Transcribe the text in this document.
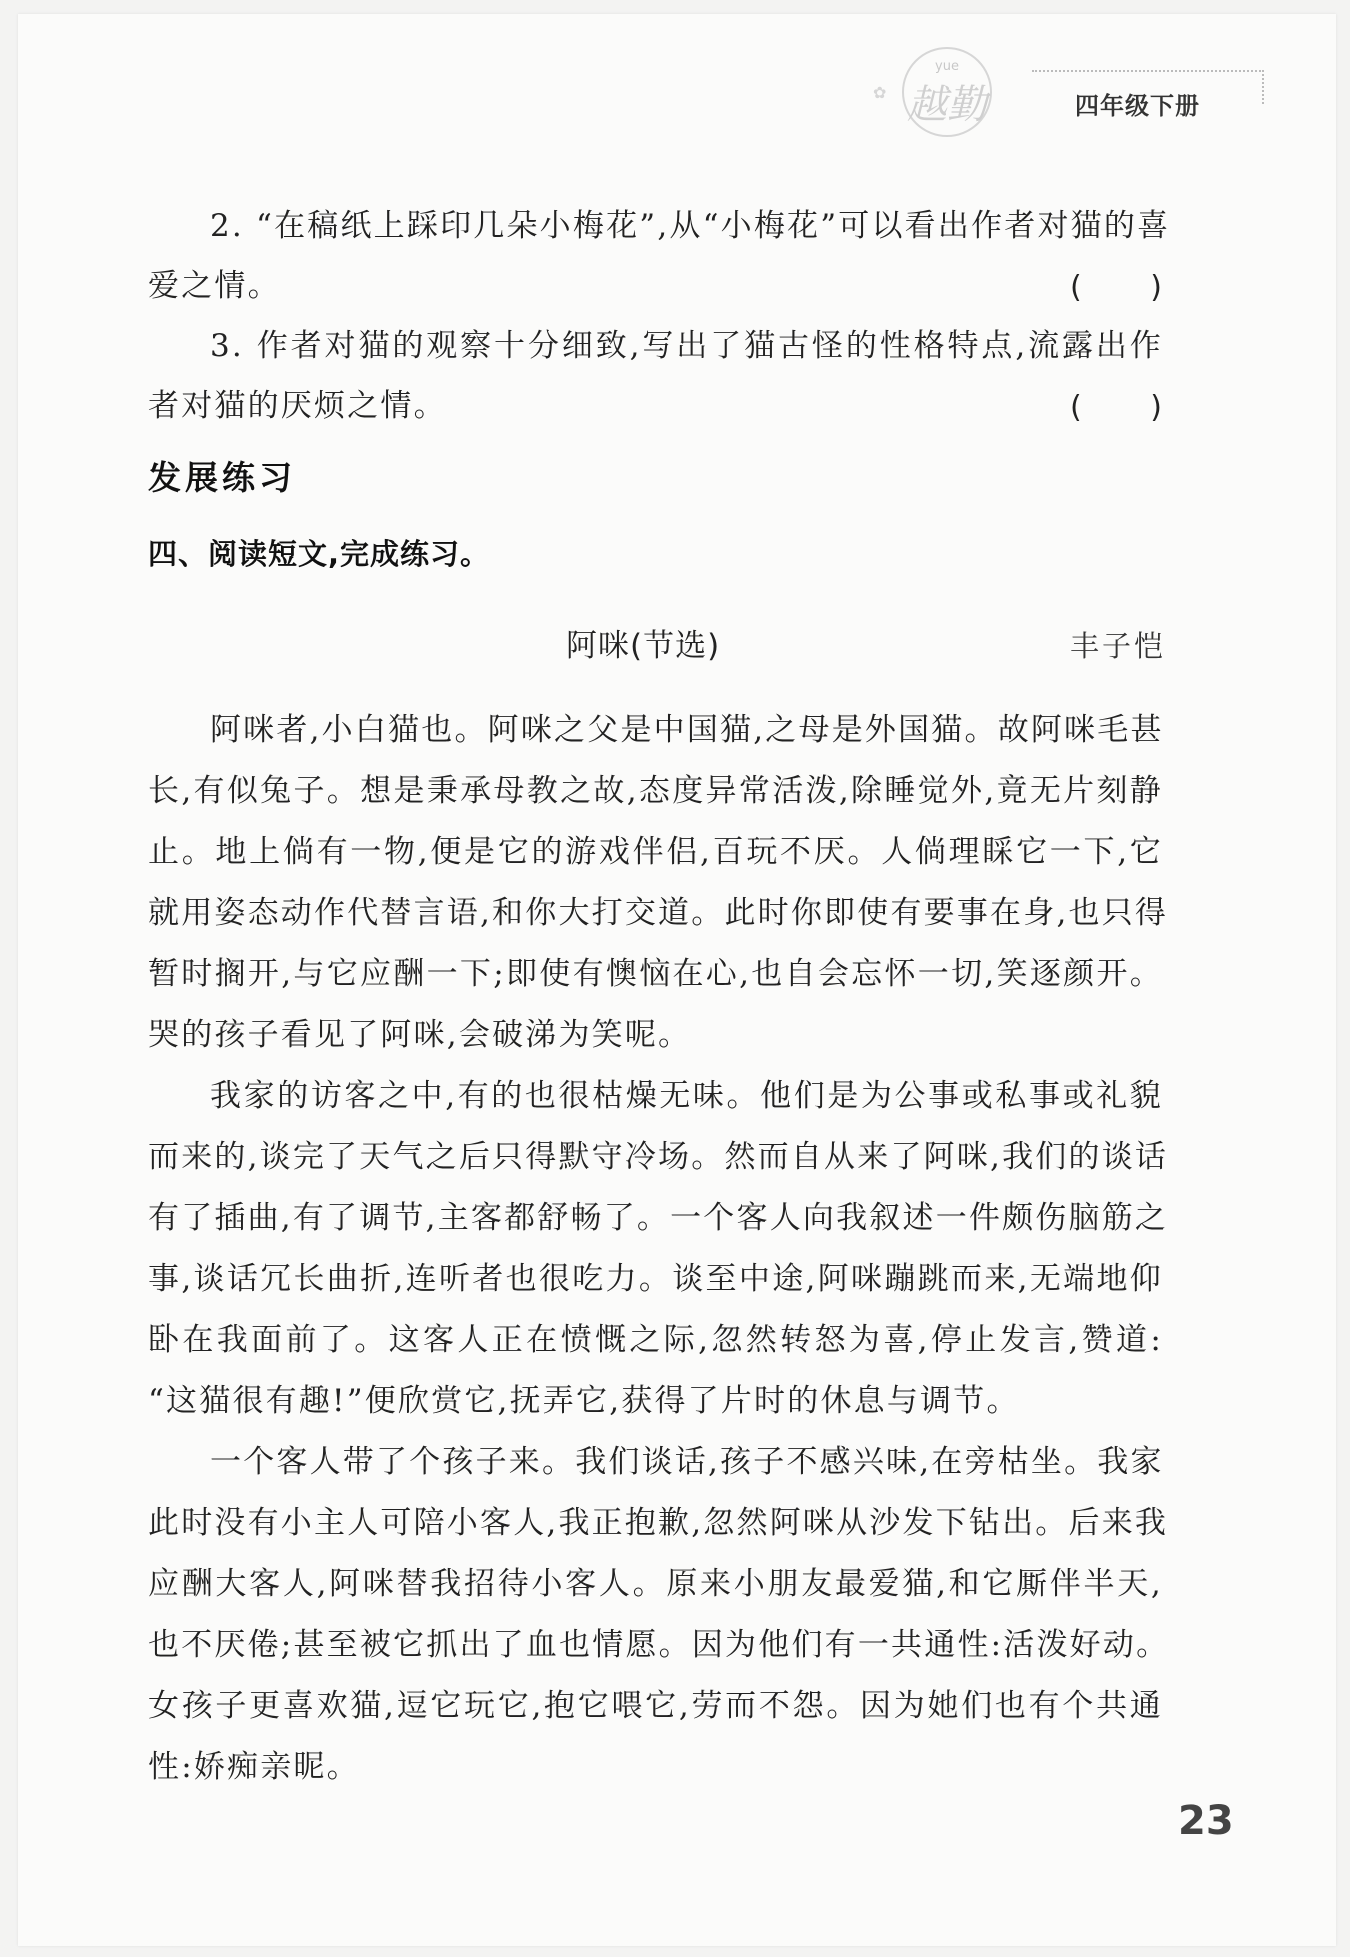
yue
越勤
✿	四年级下册
2. “在稿纸上踩印几朵小梅花”,从“小梅花”可以看出作者对猫的喜
爱之情。	( )
3. 作者对猫的观察十分细致,写出了猫古怪的性格特点,流露出作
者对猫的厌烦之情。	( )
发展练习
四、阅读短文,完成练习。
阿咪(节选)	丰子恺
阿咪者,小白猫也。阿咪之父是中国猫,之母是外国猫。故阿咪毛甚
长,有似兔子。想是秉承母教之故,态度异常活泼,除睡觉外,竟无片刻静
止。地上倘有一物,便是它的游戏伴侣,百玩不厌。人倘理睬它一下,它
就用姿态动作代替言语,和你大打交道。此时你即使有要事在身,也只得
暂时搁开,与它应酬一下;即使有懊恼在心,也自会忘怀一切,笑逐颜开。
哭的孩子看见了阿咪,会破涕为笑呢。
我家的访客之中,有的也很枯燥无味。他们是为公事或私事或礼貌
而来的,谈完了天气之后只得默守冷场。然而自从来了阿咪,我们的谈话
有了插曲,有了调节,主客都舒畅了。一个客人向我叙述一件颇伤脑筋之
事,谈话冗长曲折,连听者也很吃力。谈至中途,阿咪蹦跳而来,无端地仰
卧在我面前了。这客人正在愤慨之际,忽然转怒为喜,停止发言,赞道:
“这猫很有趣!”便欣赏它,抚弄它,获得了片时的休息与调节。
一个客人带了个孩子来。我们谈话,孩子不感兴味,在旁枯坐。我家
此时没有小主人可陪小客人,我正抱歉,忽然阿咪从沙发下钻出。后来我
应酬大客人,阿咪替我招待小客人。原来小朋友最爱猫,和它厮伴半天,
也不厌倦;甚至被它抓出了血也情愿。因为他们有一共通性:活泼好动。
女孩子更喜欢猫,逗它玩它,抱它喂它,劳而不怨。因为她们也有个共通
性:娇痴亲昵。
23
